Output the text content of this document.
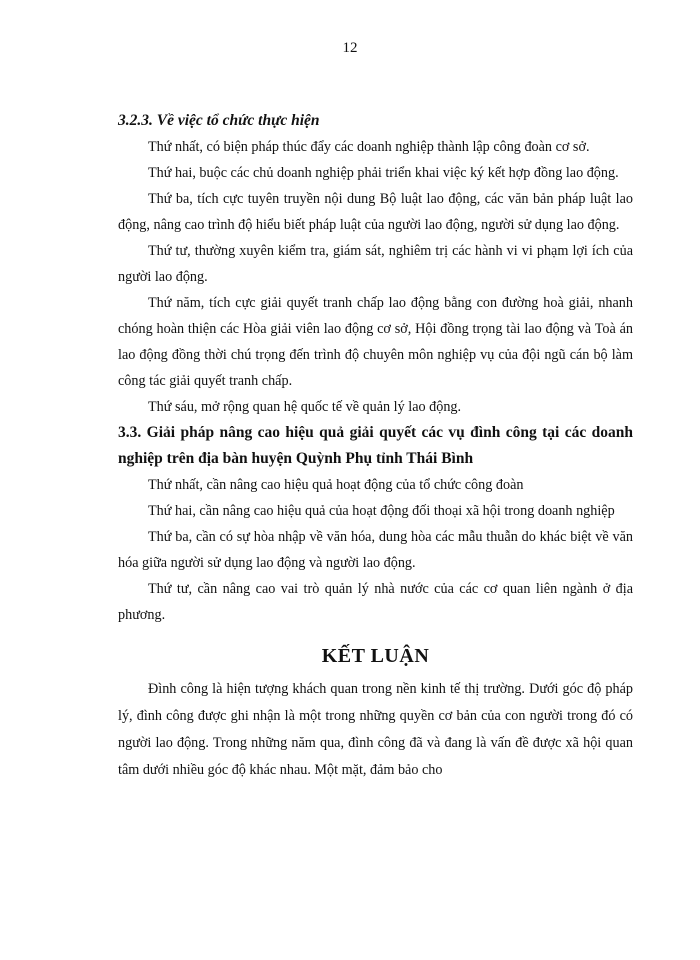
12
3.2.3. Về việc tổ chức thực hiện

Thứ nhất, có biện pháp thúc đẩy các doanh nghiệp thành lập công đoàn cơ sở.

Thứ hai, buộc các chủ doanh nghiệp phải triển khai việc ký kết hợp đồng lao động.

Thứ ba, tích cực tuyên truyền nội dung Bộ luật lao động, các văn bản pháp luật lao động, nâng cao trình độ hiểu biết pháp luật của người lao động, người sử dụng lao động.

Thứ tư, thường xuyên kiểm tra, giám sát, nghiêm trị các hành vi vi phạm lợi ích của người lao động.

Thứ năm, tích cực giải quyết tranh chấp lao động bằng con đường hoà giải, nhanh chóng hoàn thiện các Hòa giải viên lao động cơ sở, Hội đồng trọng tài lao động và Toà án lao động đồng thời chú trọng đến trình độ chuyên môn nghiệp vụ của đội ngũ cán bộ làm công tác giải quyết tranh chấp.

Thứ sáu, mở rộng quan hệ quốc tế về quản lý lao động.

3.3. Giải pháp nâng cao hiệu quả giải quyết các vụ đình công tại các doanh nghiệp trên địa bàn huyện Quỳnh Phụ tỉnh Thái Bình

Thứ nhất, cần nâng cao hiệu quả hoạt động của tổ chức công đoàn

Thứ hai, cần nâng cao hiệu quả của hoạt động đối thoại xã hội trong doanh nghiệp

Thứ ba, cần có sự hòa nhập về văn hóa, dung hòa các mẫu thuẫn do khác biệt về văn hóa giữa người sử dụng lao động và người lao động.

Thứ tư, cần nâng cao vai trò quản lý nhà nước của các cơ quan liên ngành ở địa phương.

KẾT LUẬN

Đình công là hiện tượng khách quan trong nền kinh tế thị trường. Dưới góc độ pháp lý, đình công được ghi nhận là một trong những quyền cơ bản của con người trong đó có người lao động. Trong những năm qua, đình công đã và đang là vấn đề được xã hội quan tâm dưới nhiều góc độ khác nhau. Một mặt, đảm bảo cho
